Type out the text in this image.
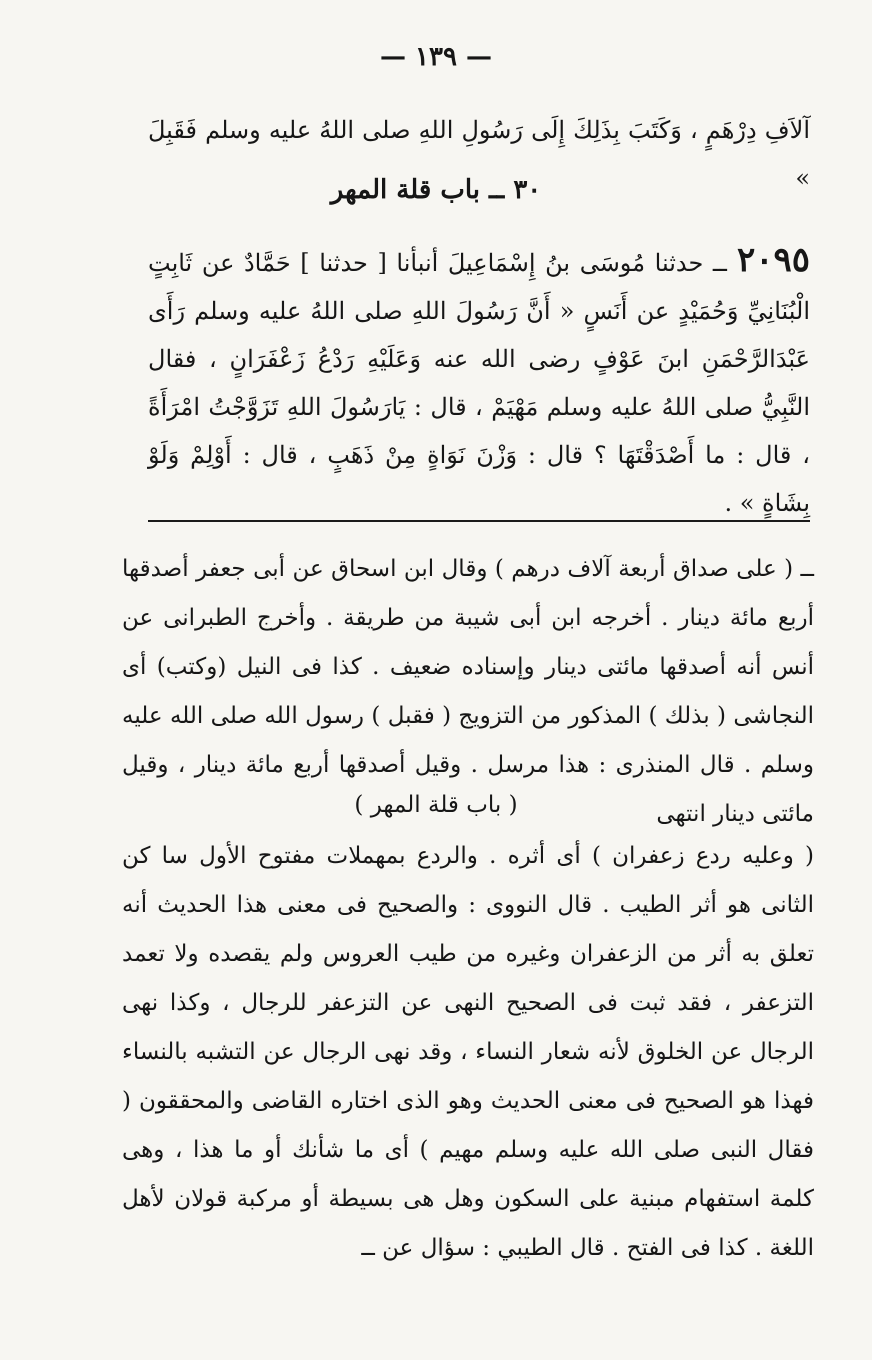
— ١٣٩ —
آلاَفِ دِرْهَمٍ ، وَكَتَبَ بِذَلِكَ إِلَى رَسُولِ اللهِ صلى اللهُ عليه وسلم فَقَبِلَ »
٣٠ ــ باب قلة المهر
٢٠٩٥ــ حدثنا مُوسَى بنُ إِسْمَاعِيلَ أنبأنا [ حدثنا ] حَمَّادٌ عن ثَابِتٍ الْبُنَانِيِّ وَحُمَيْدٍ عن أَنَسٍ « أَنَّ رَسُولَ اللهِ صلى اللهُ عليه وسلم رَأَى عَبْدَالرَّحْمَنِ ابنَ عَوْفٍ رضى الله عنه وَعَلَيْهِ رَدْعُ زَعْفَرَانٍ ، فقال النَّبِيُّ صلى اللهُ عليه وسلم مَهْيَمْ ، قال : يَارَسُولَ اللهِ تَزَوَّجْتُ امْرَأَةً ، قال : ما أَصْدَقْتَهَا ؟ قال : وَزْنَ نَوَاةٍ مِنْ ذَهَبٍ ، قال : أَوْلِمْ وَلَوْ بِشَاةٍ » .
ــ ( على صداق أربعة آلاف درهم ) وقال ابن اسحاق عن أبى جعفر أصدقها أربع مائة دينار . أخرجه ابن أبى شيبة من طريقة . وأخرج الطبرانى عن أنس أنه أصدقها مائتى دينار وإسناده ضعيف . كذا فى النيل (وكتب) أى النجاشى ( بذلك ) المذكور من التزويج ( فقبل ) رسول الله صلى الله عليه وسلم . قال المنذرى : هذا مرسل . وقيل أصدقها أربع مائة دينار ، وقيل مائتى دينار انتهى
( باب قلة المهر )
( وعليه ردع زعفران ) أى أثره . والردع بمهملات مفتوح الأول سا كن الثانى هو أثر الطيب . قال النووى : والصحيح فى معنى هذا الحديث أنه تعلق به أثر من الزعفران وغيره من طيب العروس ولم يقصده ولا تعمد التزعفر ، فقد ثبت فى الصحيح النهى عن التزعفر للرجال ، وكذا نهى الرجال عن الخلوق لأنه شعار النساء ، وقد نهى الرجال عن التشبه بالنساء فهذا هو الصحيح فى معنى الحديث وهو الذى اختاره القاضى والمحققون ( فقال النبى صلى الله عليه وسلم مهيم ) أى ما شأنك أو ما هذا ، وهى كلمة استفهام مبنية على السكون وهل هى بسيطة أو مركبة قولان لأهل اللغة . كذا فى الفتح . قال الطيبي : سؤال عن ــ
